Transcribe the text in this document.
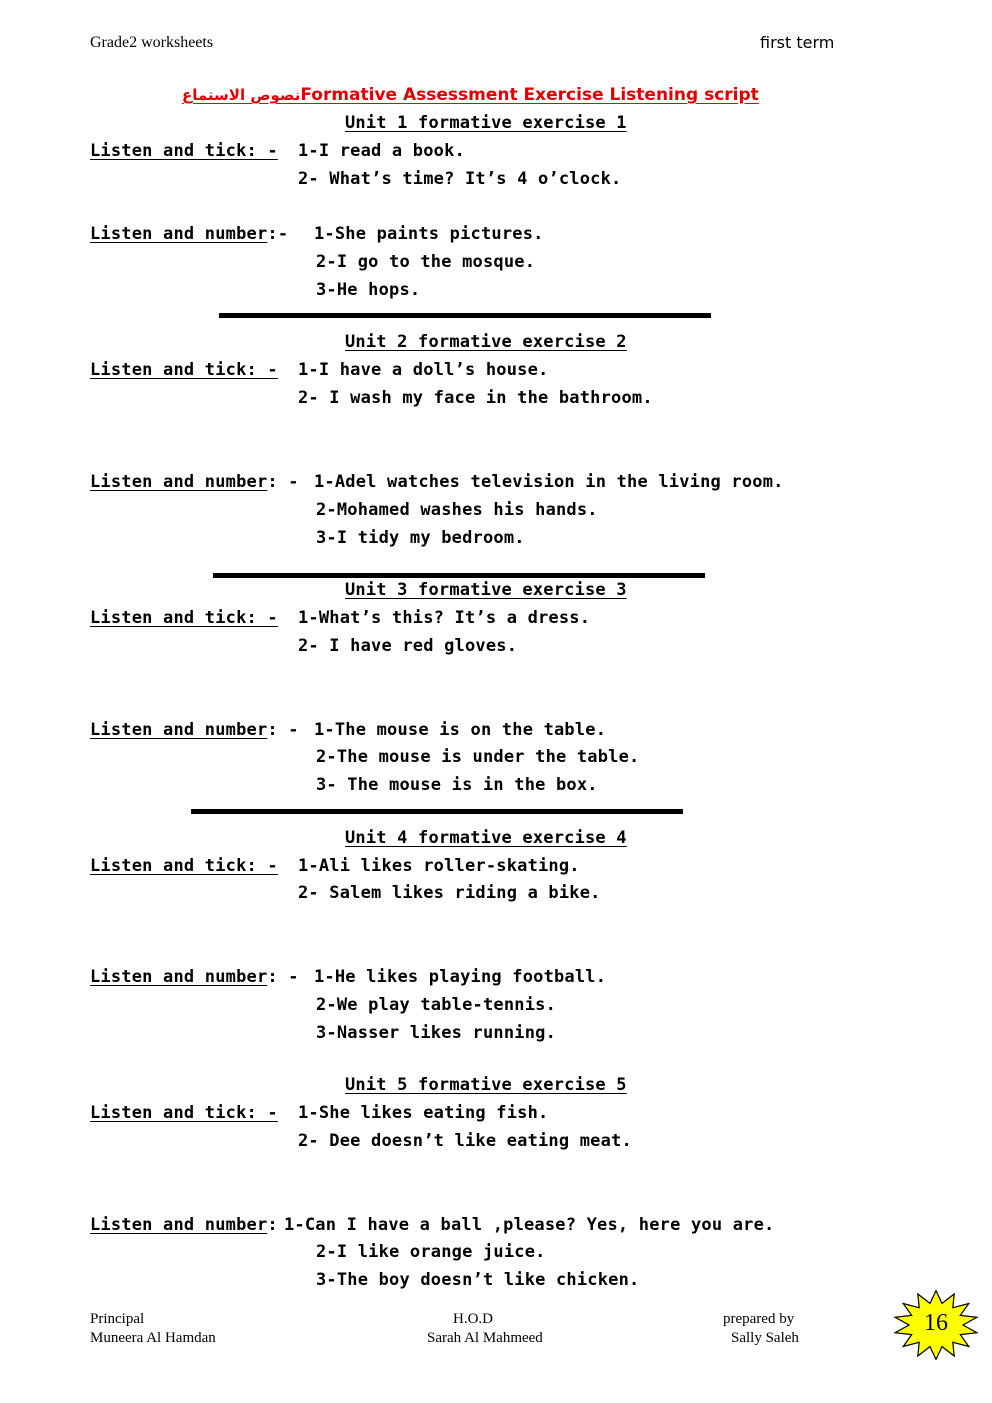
Grade2 worksheets	first term
نصوص الاستماعFormative Assessment Exercise Listening script
Unit 1 formative exercise 1
Listen and tick: - 1-I read a book.
2- What’s time? It’s 4 o’clock.
Listen and number:- 1-She paints pictures.
2-I go to the mosque.
3-He hops.
Unit 2 formative exercise 2
Listen and tick: - 1-I have a doll’s house.
2- I wash my face in the bathroom.
Listen and number: - 1-Adel watches television in the living room.
2-Mohamed washes his hands.
3-I tidy my bedroom.
Unit 3 formative exercise 3
Listen and tick: - 1-What’s this? It’s a dress.
2- I have red gloves.
Listen and number: - 1-The mouse is on the table.
2-The mouse is under the table.
3- The mouse is in the box.
Unit 4 formative exercise 4
Listen and tick: - 1-Ali likes roller-skating.
2- Salem likes riding a bike.
Listen and number: - 1-He likes playing football.
2-We play table-tennis.
3-Nasser likes running.
Unit 5 formative exercise 5
Listen and tick: - 1-She likes eating fish.
2- Dee doesn’t like eating meat.
Listen and number: 1-Can I have a ball ,please? Yes, here you are.
2-I like orange juice.
3-The boy doesn’t like chicken.
Principal
Muneera Al Hamdan
H.O.D
Sarah Al Mahmeed
prepared by
Sally Saleh
16
